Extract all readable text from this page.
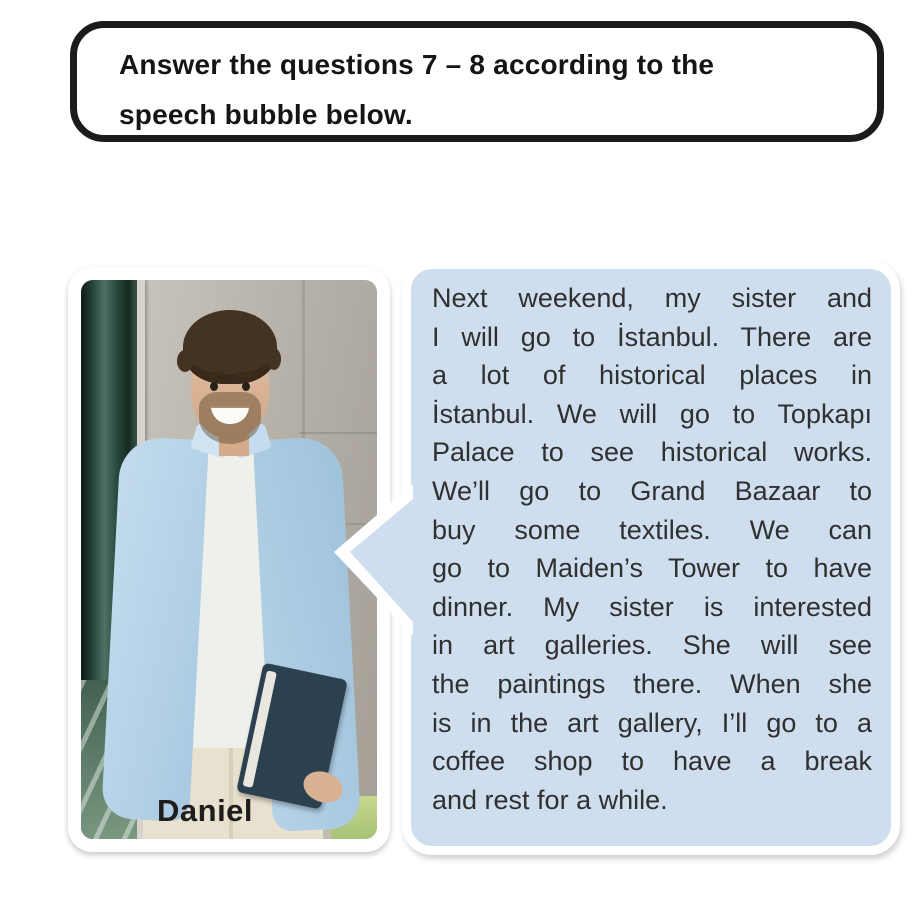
Answer the questions 7 – 8 according to the
speech bubble below.
Daniel
Next weekend, my sister and
I will go to İstanbul. There are
a lot of historical places in
İstanbul. We will go to Topkapı
Palace to see historical works.
We’ll go to Grand Bazaar to
buy some textiles. We can
go to Maiden’s Tower to have
dinner. My sister is interested
in art galleries. She will see
the paintings there. When she
is in the art gallery, I’ll go to a
coffee shop to have a break
and rest for a while.
